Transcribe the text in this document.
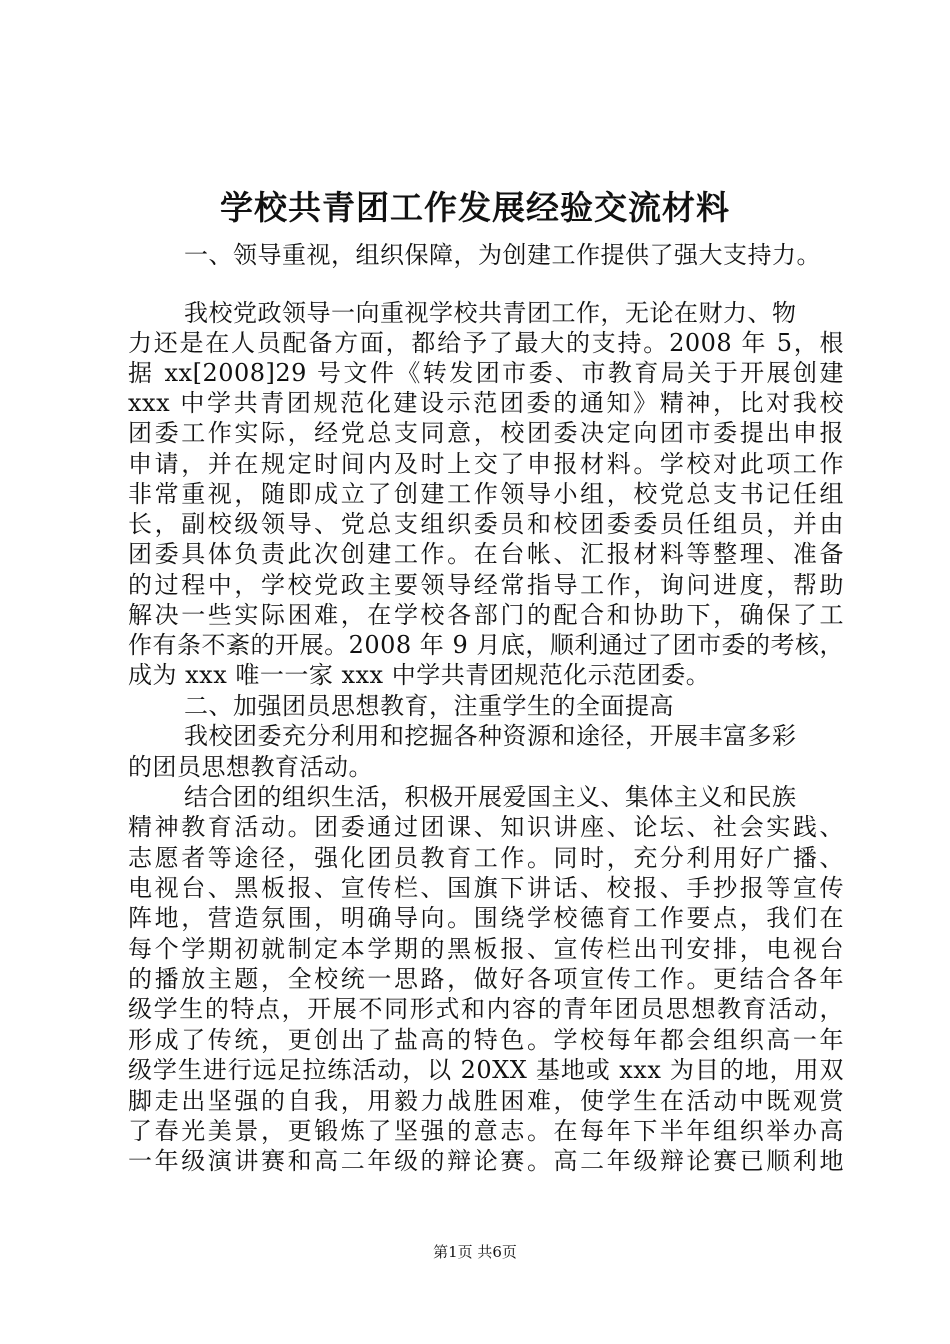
学校共青团工作发展经验交流材料
一、领导重视，组织保障，为创建工作提供了强大支持力。
我校党政领导一向重视学校共青团工作，无论在财力、物
力还是在人员配备方面，都给予了最大的支持。2008 年 5，根
据 xx[2008]29 号文件《转发团市委、市教育局关于开展创建
xxx 中学共青团规范化建设示范团委的通知》精神，比对我校
团委工作实际，经党总支同意，校团委决定向团市委提出申报
申请，并在规定时间内及时上交了申报材料。学校对此项工作
非常重视，随即成立了创建工作领导小组，校党总支书记任组
长，副校级领导、党总支组织委员和校团委委员任组员，并由
团委具体负责此次创建工作。在台帐、汇报材料等整理、准备
的过程中，学校党政主要领导经常指导工作，询问进度，帮助
解决一些实际困难，在学校各部门的配合和协助下，确保了工
作有条不紊的开展。2008 年 9 月底，顺利通过了团市委的考核，
成为 xxx 唯一一家 xxx 中学共青团规范化示范团委。
二、加强团员思想教育，注重学生的全面提高
我校团委充分利用和挖掘各种资源和途径，开展丰富多彩
的团员思想教育活动。
结合团的组织生活，积极开展爱国主义、集体主义和民族
精神教育活动。团委通过团课、知识讲座、论坛、社会实践、
志愿者等途径，强化团员教育工作。同时，充分利用好广播、
电视台、黑板报、宣传栏、国旗下讲话、校报、手抄报等宣传
阵地，营造氛围，明确导向。围绕学校德育工作要点，我们在
每个学期初就制定本学期的黑板报、宣传栏出刊安排，电视台
的播放主题，全校统一思路，做好各项宣传工作。更结合各年
级学生的特点，开展不同形式和内容的青年团员思想教育活动，
形成了传统，更创出了盐高的特色。学校每年都会组织高一年
级学生进行远足拉练活动，以 20XX 基地或 xxx 为目的地，用双
脚走出坚强的自我，用毅力战胜困难，使学生在活动中既观赏
了春光美景，更锻炼了坚强的意志。在每年下半年组织举办高
一年级演讲赛和高二年级的辩论赛。高二年级辩论赛已顺利地
第1页 共6页
